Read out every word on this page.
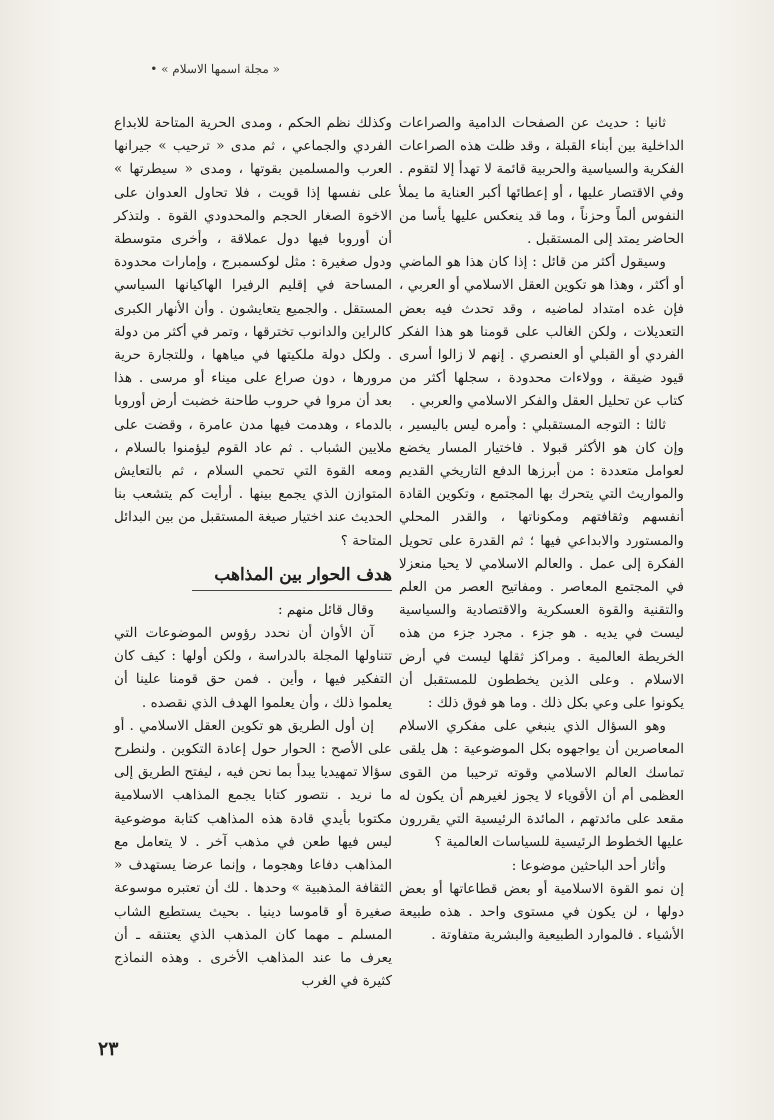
« مجلة اسمها الاسلام » •

ثانيا : حديث عن الصفحات الدامية والصراعات الداخلية بين أبناء القبلة ، وقد ظلت هذه الصراعات الفكرية والسياسية والحربية قائمة لا تهدأ إلا لتقوم . وفي الاقتصار عليها ، أو إعطائها أكبر العناية ما يملأ النفوس ألماً وحزناً ، وما قد ينعكس عليها يأسا من الحاضر يمتد إلى المستقبل .

وسيقول أكثر من قائل : إذا كان هذا هو الماضي أو أكثر ، وهذا هو تكوين العقل الاسلامي أو العربي ، فإن غده امتداد لماضيه ، وقد تحدث فيه بعض التعديلات ، ولكن الغالب على قومنا هو هذا الفكر الفردي أو القبلي أو العنصري . إنهم لا زالوا أسرى قيود ضيقة ، وولاءات محدودة ، سجلها أكثر من كتاب عن تحليل العقل والفكر الاسلامي والعربي .

ثالثا : التوجه المستقبلي : وأمره ليس باليسير ، وإن كان هو الأكثر قبولا . فاختيار المسار يخضع لعوامل متعددة : من أبرزها الدفع التاريخي القديم والمواريث التي يتحرك بها المجتمع ، وتكوين القادة أنفسهم وثقافتهم ومكوناتها ، والقدر المحلي والمستورد والابداعي فيها ؛ ثم القدرة على تحويل الفكرة إلى عمل . والعالم الاسلامي لا يحيا منعزلا في المجتمع المعاصر . ومفاتيح العصر من العلم والتقنية والقوة العسكرية والاقتصادية والسياسية ليست في يديه . هو جزء . مجرد جزء من هذه الخريطة العالمية . ومراكز ثقلها ليست في أرض الاسلام . وعلى الذين يخططون للمستقبل أن يكونوا على وعي بكل ذلك . وما هو فوق ذلك :

وهو السؤال الذي ينبغي على مفكري الاسلام المعاصرين أن يواجهوه بكل الموضوعية : هل يلقى تماسك العالم الاسلامي وقوته ترحيبا من القوى العظمى أم أن الأقوياء لا يجوز لغيرهم أن يكون له مقعد على مائدتهم ، المائدة الرئيسية التي يقررون عليها الخطوط الرئيسية للسياسات العالمية ؟

وأثار أحد الباحثين موضوعا :

إن نمو القوة الاسلامية أو بعض قطاعاتها أو بعض دولها ، لن يكون في مستوى واحد . هذه طبيعة الأشياء . فالموارد الطبيعية والبشرية متفاوتة .

وكذلك نظم الحكم ، ومدى الحرية المتاحة للابداع الفردي والجماعي ، ثم مدى « ترحيب » جيرانها العرب والمسلمين بقوتها ، ومدى « سيطرتها » على نفسها إذا قويت ، فلا تحاول العدوان على الاخوة الصغار الحجم والمحدودي القوة . ولتذكر أن أوروبا فيها دول عملاقة ، وأخرى متوسطة ودول صغيرة : مثل لوكسمبرج ، وإمارات محدودة المساحة في إقليم الرفيرا الهاكيانها السياسي المستقل . والجميع يتعايشون . وأن الأنهار الكبرى كالراين والدانوب تخترقها ، وتمر في أكثر من دولة . ولكل دولة ملكيتها في مياهها ، وللتجارة حرية مرورها ، دون صراع على ميناء أو مرسى . هذا بعد أن مروا في حروب طاحنة خضبت أرض أوروبا بالدماء ، وهدمت فيها مدن عامرة ، وقضت على ملايين الشباب . ثم عاد القوم ليؤمنوا بالسلام ، ومعه القوة التي تحمي السلام ، ثم بالتعايش المتوازن الذي يجمع بينها . أرأيت كم يتشعب بنا الحديث عند اختيار صيغة المستقبل من بين البدائل المتاحة ؟

هدف الحوار بين المذاهب

وقال قائل منهم :

آن الأوان أن نحدد رؤوس الموضوعات التي تتناولها المجلة بالدراسة ، ولكن أولها : كيف كان التفكير فيها ، وأين . فمن حق قومنا علينا أن يعلموا ذلك ، وأن يعلموا الهدف الذي نقصده .

إن أول الطريق هو تكوين العقل الاسلامي . أو على الأصح : الحوار حول إعادة التكوين . ولنطرح سؤالا تمهيديا يبدأ بما نحن فيه ، ليفتح الطريق إلى ما نريد . نتصور كتابا يجمع المذاهب الاسلامية مكتوبا بأيدي قادة هذه المذاهب كتابة موضوعية ليس فيها طعن في مذهب آخر . لا يتعامل مع المذاهب دفاعا وهجوما ، وإنما عرضا يستهدف « الثقافة المذهبية » وحدها . لك أن تعتبره موسوعة صغيرة أو قاموسا دينيا . بحيث يستطيع الشاب المسلم ـ مهما كان المذهب الذي يعتنقه ـ أن يعرف ما عند المذاهب الأخرى . وهذه النماذج كثيرة في الغرب

٢٣
